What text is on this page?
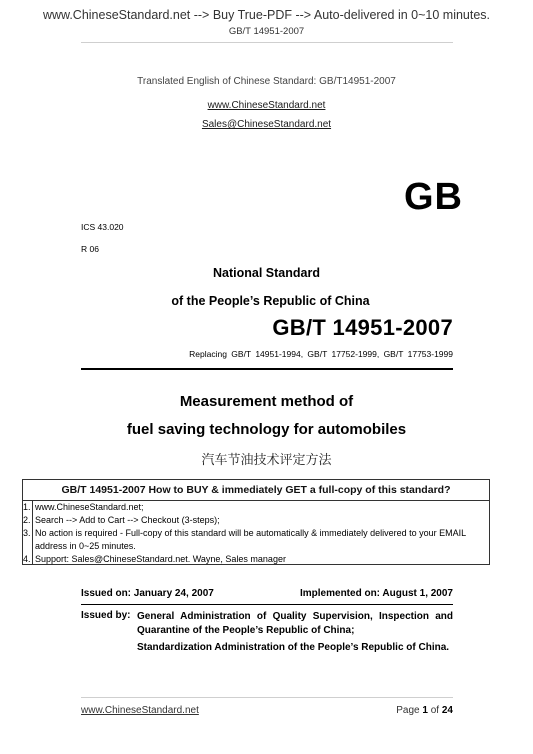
www.ChineseStandard.net --> Buy True-PDF --> Auto-delivered in 0~10 minutes.
GB/T 14951-2007
Translated English of Chinese Standard: GB/T14951-2007
www.ChineseStandard.net
Sales@ChineseStandard.net
GB
ICS 43.020
R 06
National Standard
of the People’s Republic of China
GB/T 14951-2007
Replacing GB/T 14951-1994, GB/T 17752-1999, GB/T 17753-1999
Measurement method of
fuel saving technology for automobiles
汽车节油技术评定方法
GB/T 14951-2007 How to BUY & immediately GET a full-copy of this standard?
1. www.ChineseStandard.net;
2. Search --> Add to Cart --> Checkout (3-steps);
3. No action is required - Full-copy of this standard will be automatically & immediately delivered to your EMAIL address in 0~25 minutes.
4. Support: Sales@ChineseStandard.net. Wayne, Sales manager
Issued on: January 24, 2007	Implemented on: August 1, 2007
Issued by: General Administration of Quality Supervision, Inspection and Quarantine of the People’s Republic of China;
Standardization Administration of the People’s Republic of China.
www.ChineseStandard.net	Page 1 of 24
